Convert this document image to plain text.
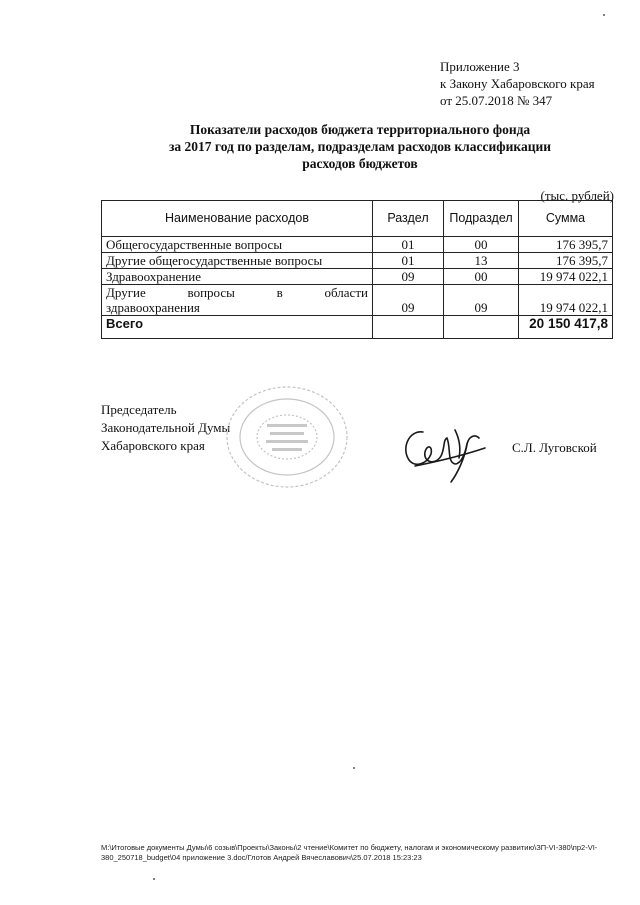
Приложение 3
к Закону Хабаровского края
от 25.07.2018 № 347
Показатели расходов бюджета территориального фонда
за 2017 год по разделам, подразделам расходов классификации
расходов бюджетов
(тыс. рублей)
Наименование расходов	Раздел	Подраздел	Сумма
Общегосударственные вопросы	01	00	176 395,7
Другие общегосударственные вопросы	01	13	176 395,7
Здравоохранение	09	00	19 974 022,1

Другие вопросы в области
здравоохранения	09	09	19 974 022,1
Всего			20 150 417,8
Председатель
Законодательной Думы
Хабаровского края	С.Л. Луговской
M:\Итоговые документы Думы\6 созыв\Проекты\Законы\2 чтение\Комитет по бюджету, налогам и экономическому развитию\ЗП-VI-380\пр2-VI-
380_250718_budget\04 приложение 3.doc/Глотов Андрей Вячеславович\25.07.2018 15:23:23
